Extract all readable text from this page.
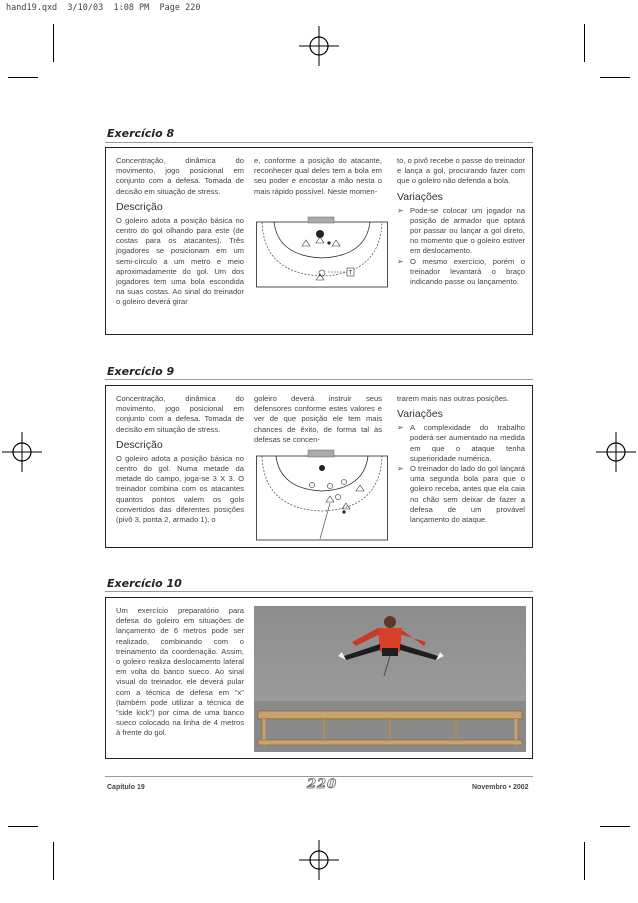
hand19.qxd  3/10/03  1:08 PM  Page 220
Exercício 8

Concentração, dinâmica do movimento, jogo posicional em conjunto com a defesa. Tomada de decisão em situação de stress.

Descrição

O goleiro adota a posição básica no centro do gol olhando para este (de costas para os atacantes). Três jogadores se posicionam em um semi-círculo a um metro e meio aproximadamente do gol. Um dos jogadores tem uma bola escondida na suas costas. Ao sinal do treinador o goleiro deverá girar

e, conforme a posição do atacante, reconhecer qual deles tem a bola em seu poder e encostar a mão nesta o mais rápido possível. Neste momen-

T

to, o pivô recebe o passe do treinador e lança a gol, procurando fazer com que o goleiro não defenda a bola.

Variações
➢ Pode-se colocar um jogador na posição de armador que optará por passar ou lançar a gol direto, no momento que o goleiro estiver em deslocamento.
➢ O mesmo exercício, porém o treinador levantará o braço indicando passe ou lançamento.
Exercício 9

Concentração, dinâmica do movimento, jogo posicional em conjunto com a defesa. Tomada de decisão em situação de stress.

Descrição

O goleiro adota a posição básica no centro do gol. Numa metade da metade do campo, joga-se 3 X 3. O treinador combina com os atacantes quantos pontos valem os gols convertidos das diferentes posições (pivô 3, ponta 2, armado 1), o

goleiro deverá instruir seus defensores conforme estes valores e ver de que posição ele tem mais chances de êxito, de forma tal às defesas se concen-

trarem mais nas outras posições.

Variações
➢ A complexidade do trabalho poderá ser aumentado na medida em que o ataque tenha superioridade numérica.
➢ O treinador do lado do gol lançará uma segunda bola para que o goleiro receba, antes que ela caia no chão sem deixar de fazer a defesa de um provável lançamento do ataque.
Exercício 10

Um exercício preparatório para defesa do goleiro em situações de lançamento de 6 metros pode ser realizado, combinando com o treinamento da coordenação. Assim, o goleiro realiza deslocamento lateral em volta do banco sueco. Ao sinal visual do treinador, ele deverá pular com a técnica de defesa em "x" (também pode utilizar a técnica de "side kick") por cima de uma banco sueco colocado na linha de 4 metros à frente do gol.

Capítulo 19	220	Novembro • 2002
